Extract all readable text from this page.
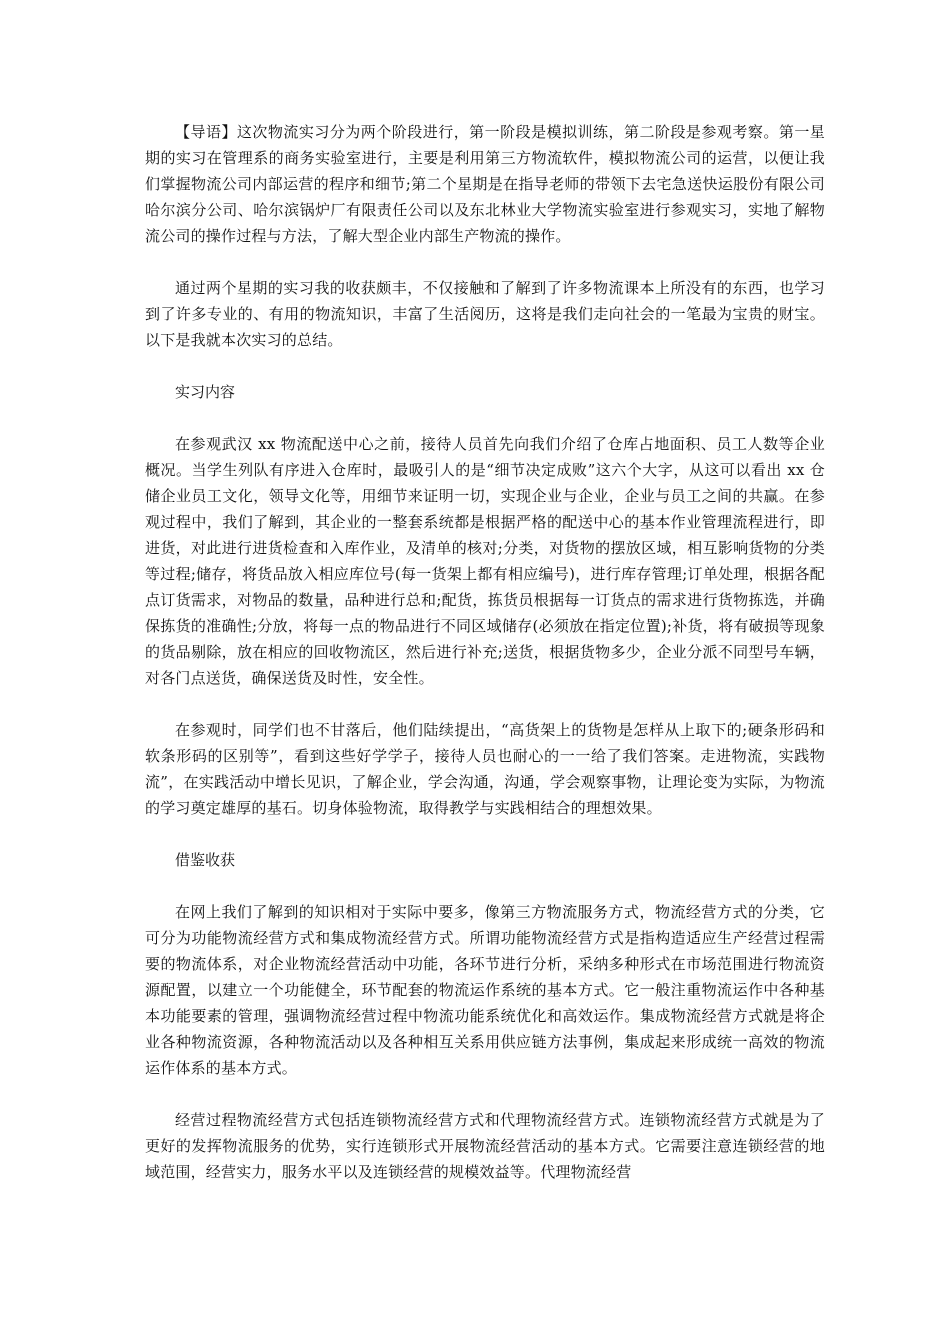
【导语】这次物流实习分为两个阶段进行，第一阶段是模拟训练，第二阶段是参观考察。第一星期的实习在管理系的商务实验室进行，主要是利用第三方物流软件，模拟物流公司的运营，以便让我们掌握物流公司内部运营的程序和细节;第二个星期是在指导老师的带领下去宅急送快运股份有限公司哈尔滨分公司、哈尔滨锅炉厂有限责任公司以及东北林业大学物流实验室进行参观实习，实地了解物流公司的操作过程与方法，了解大型企业内部生产物流的操作。

通过两个星期的实习我的收获颇丰，不仅接触和了解到了许多物流课本上所没有的东西，也学习到了许多专业的、有用的物流知识，丰富了生活阅历，这将是我们走向社会的一笔最为宝贵的财宝。以下是我就本次实习的总结。

实习内容

在参观武汉 xx 物流配送中心之前，接待人员首先向我们介绍了仓库占地面积、员工人数等企业概况。当学生列队有序进入仓库时，最吸引人的是“细节决定成败”这六个大字，从这可以看出 xx 仓储企业员工文化，领导文化等，用细节来证明一切，实现企业与企业，企业与员工之间的共赢。在参观过程中，我们了解到，其企业的一整套系统都是根据严格的配送中心的基本作业管理流程进行，即进货，对此进行进货检查和入库作业，及清单的核对;分类，对货物的摆放区域，相互影响货物的分类等过程;储存，将货品放入相应库位号(每一货架上都有相应编号)，进行库存管理;订单处理，根据各配点订货需求，对物品的数量，品种进行总和;配货，拣货员根据每一订货点的需求进行货物拣选，并确保拣货的准确性;分放，将每一点的物品进行不同区域储存(必须放在指定位置);补货，将有破损等现象的货品剔除，放在相应的回收物流区，然后进行补充;送货，根据货物多少，企业分派不同型号车辆，对各门点送货，确保送货及时性，安全性。

在参观时，同学们也不甘落后，他们陆续提出，“高货架上的货物是怎样从上取下的;硬条形码和软条形码的区别等”，看到这些好学学子，接待人员也耐心的一一给了我们答案。走进物流，实践物流”，在实践活动中增长见识，了解企业，学会沟通，沟通，学会观察事物，让理论变为实际，为物流的学习奠定雄厚的基石。切身体验物流，取得教学与实践相结合的理想效果。

借鉴收获

在网上我们了解到的知识相对于实际中要多，像第三方物流服务方式，物流经营方式的分类，它可分为功能物流经营方式和集成物流经营方式。所谓功能物流经营方式是指构造适应生产经营过程需要的物流体系，对企业物流经营活动中功能，各环节进行分析，采纳多种形式在市场范围进行物流资源配置，以建立一个功能健全，环节配套的物流运作系统的基本方式。它一般注重物流运作中各种基本功能要素的管理，强调物流经营过程中物流功能系统优化和高效运作。集成物流经营方式就是将企业各种物流资源，各种物流活动以及各种相互关系用供应链方法事例，集成起来形成统一高效的物流运作体系的基本方式。

经营过程物流经营方式包括连锁物流经营方式和代理物流经营方式。连锁物流经营方式就是为了更好的发挥物流服务的优势，实行连锁形式开展物流经营活动的基本方式。它需要注意连锁经营的地域范围，经营实力，服务水平以及连锁经营的规模效益等。代理物流经营
